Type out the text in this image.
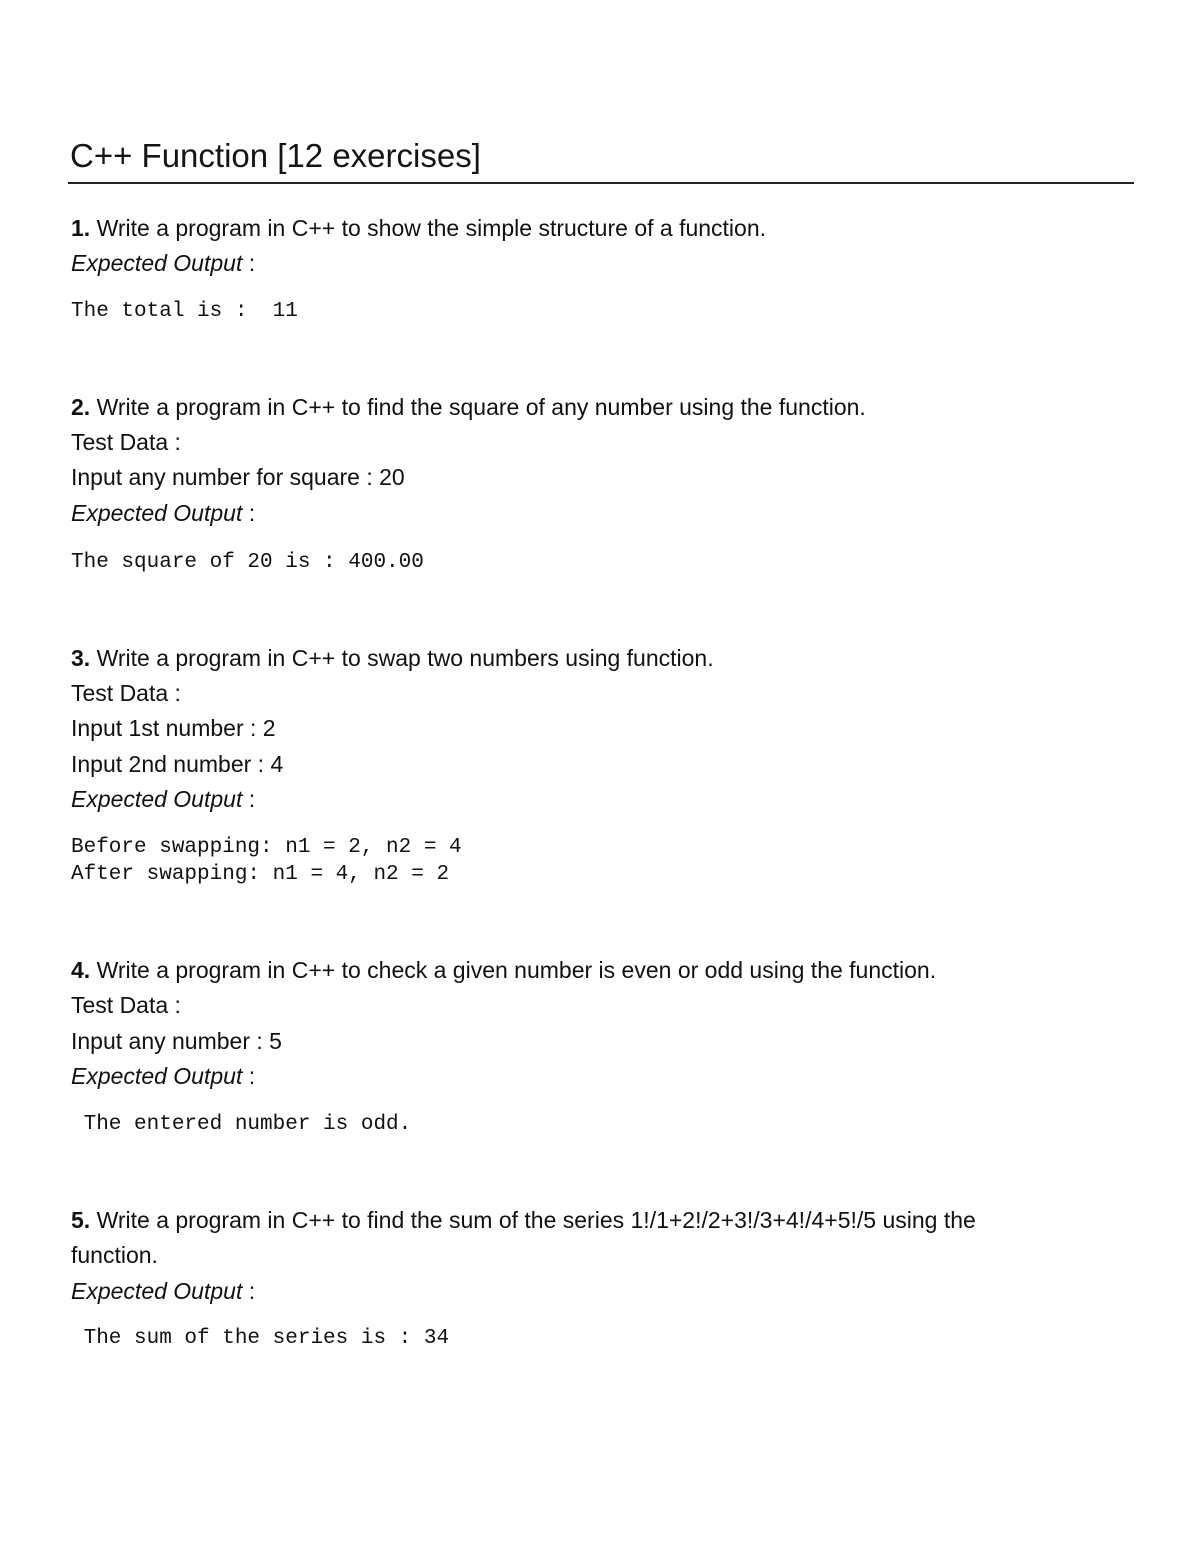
C++ Function [12 exercises]
1. Write a program in C++ to show the simple structure of a function.
Expected Output :
The total is :  11
2. Write a program in C++ to find the square of any number using the function.
Test Data :
Input any number for square : 20
Expected Output :
The square of 20 is : 400.00
3. Write a program in C++ to swap two numbers using function.
Test Data :
Input 1st number : 2
Input 2nd number : 4
Expected Output :
Before swapping: n1 = 2, n2 = 4
After swapping: n1 = 4, n2 = 2
4. Write a program in C++ to check a given number is even or odd using the function.
Test Data :
Input any number : 5
Expected Output :
The entered number is odd.
5. Write a program in C++ to find the sum of the series 1!/1+2!/2+3!/3+4!/4+5!/5 using the
function.
Expected Output :
The sum of the series is : 34
